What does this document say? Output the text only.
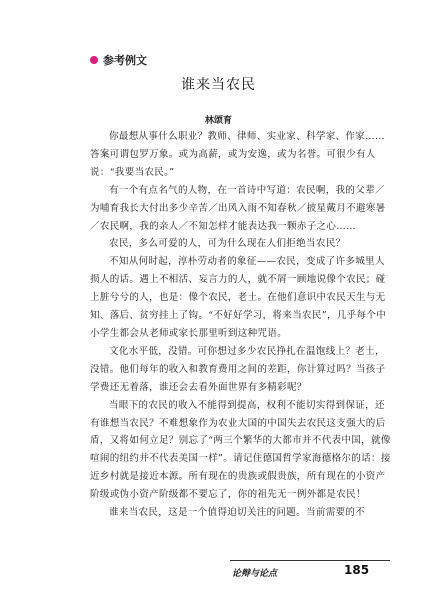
参考例文
谁来当农民
林颂育

你最想从事什么职业？教师、律师、实业家、科学家、作家……答案可谓包罗万象。或为高薪，或为安逸，或为名誉。可很少有人说：“我要当农民。”

有一个有点名气的人物，在一首诗中写道：农民啊，我的父辈／为哺育我长大付出多少辛苦／出风入雨不知春秋／披星戴月不避寒暑／农民啊，我的亲人／不知怎样才能表达我一颗赤子之心……

农民，多么可爱的人，可为什么现在人们拒绝当农民？

不知从何时起，淳朴劳动者的象征——农民，变成了许多城里人损人的话。遇上不相活、妄言力的人，就不屑一顾地说像个农民；碰上脏兮兮的人，也是：像个农民，老土。在他们意识中农民天生与无知、落后、贫穷挂上了钩。“不好好学习，将来当农民”，几乎每个中小学生都会从老师或家长那里听到这种咒语。

文化水平低，没错。可你想过多少农民挣扎在温饱线上？老土，没错。他们每年的收入和教育费用之间的差距，你计算过吗？当孩子学费还无着落，谁还会去看外面世界有多精彩呢？

当眼下的农民的收入不能得到提高，权利不能切实得到保证，还有谁想当农民？不难想象作为农业大国的中国失去农民这支强大的后盾，又将如何立足？别忘了“两三个繁华的大都市并不代表中国，就像喧闹的纽约并不代表美国一样”。请记住德国哲学家海德格尔的话：接近乡村就是接近本源。所有现在的贵族或假贵族，所有现在的小资产阶级或伪小资产阶级都不要忘了，你的祖先无一例外都是农民！

谁来当农民，这是一个值得迫切关注的问题。当前需要的不

论辩与论点	185
